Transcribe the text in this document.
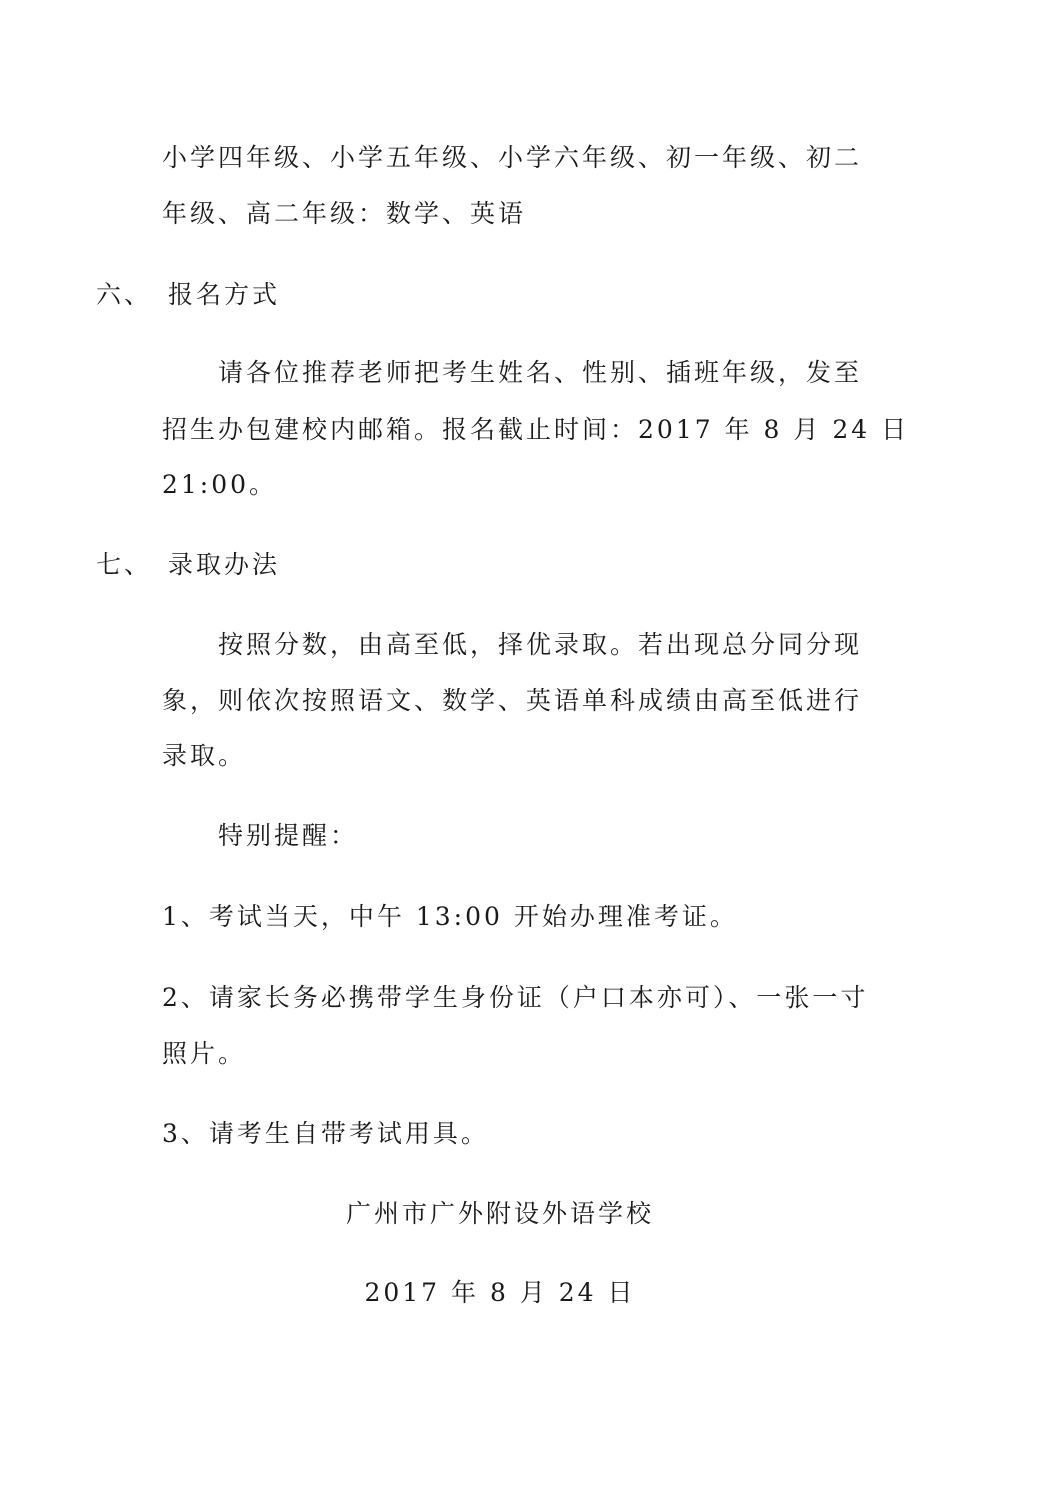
小学四年级、小学五年级、小学六年级、初一年级、初二
年级、高二年级：数学、英语
六、 报名方式
请各位推荐老师把考生姓名、性别、插班年级，发至
招生办包建校内邮箱。报名截止时间：2017 年 8 月 24 日
21:00。
七、 录取办法
按照分数，由高至低，择优录取。若出现总分同分现
象，则依次按照语文、数学、英语单科成绩由高至低进行
录取。
特别提醒：
1、考试当天，中午 13:00 开始办理准考证。
2、请家长务必携带学生身份证（户口本亦可）、一张一寸
照片。
3、请考生自带考试用具。
广州市广外附设外语学校
2017 年 8 月 24 日
